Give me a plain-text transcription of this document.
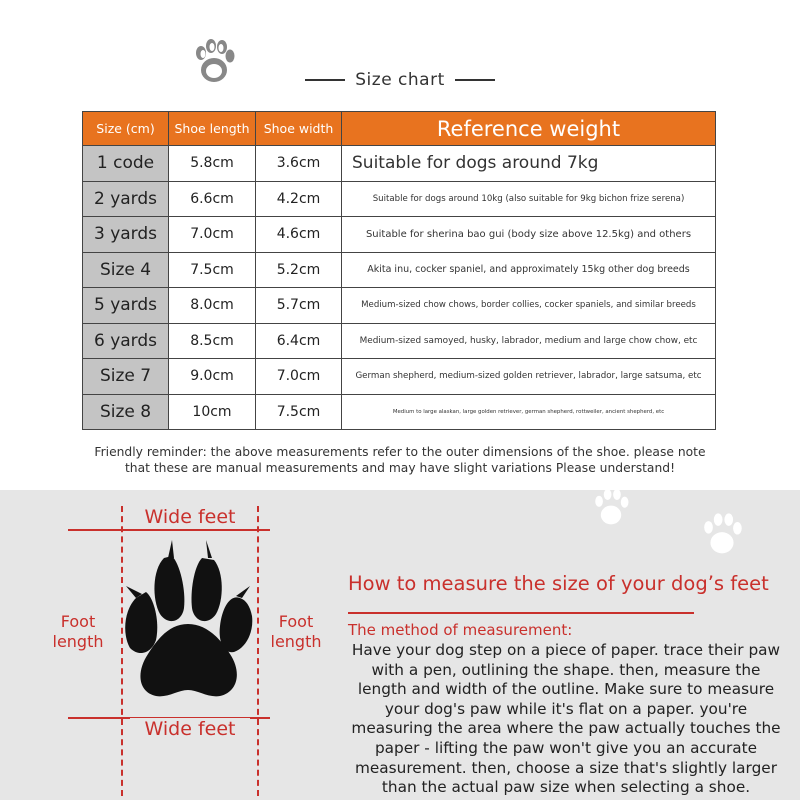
Size chart
Size (cm)	Shoe length	Shoe width	Reference weight
1 code	5.8cm	3.6cm	Suitable for dogs around 7kg
2 yards	6.6cm	4.2cm	Suitable for dogs around 10kg (also suitable for 9kg bichon frize serena)
3 yards	7.0cm	4.6cm	Suitable for sherina bao gui (body size above 12.5kg) and others
Size 4	7.5cm	5.2cm	Akita inu, cocker spaniel, and approximately 15kg other dog breeds
5 yards	8.0cm	5.7cm	Medium-sized chow chows, border collies, cocker spaniels, and similar breeds
6 yards	8.5cm	6.4cm	Medium-sized samoyed, husky, labrador, medium and large chow chow, etc
Size 7	9.0cm	7.0cm	German shepherd, medium-sized golden retriever, labrador, large satsuma, etc
Size 8	10cm	7.5cm	Medium to large alaskan, large golden retriever, german shepherd, rottweiler, ancient shepherd, etc
Friendly reminder: the above measurements refer to the outer dimensions of the shoe. please note
that these are manual measurements and may have slight variations Please understand!
Wide feet
Wide feet
Foot
length
Foot
length
How to measure the size of your dog’s feet
The method of measurement:
Have your dog step on a piece of paper. trace their paw
with a pen, outlining the shape. then, measure the
length and width of the outline. Make sure to measure
your dog's paw while it's flat on a paper. you're
measuring the area where the paw actually touches the
paper - lifting the paw won't give you an accurate
measurement. then, choose a size that's slightly larger
than the actual paw size when selecting a shoe.
